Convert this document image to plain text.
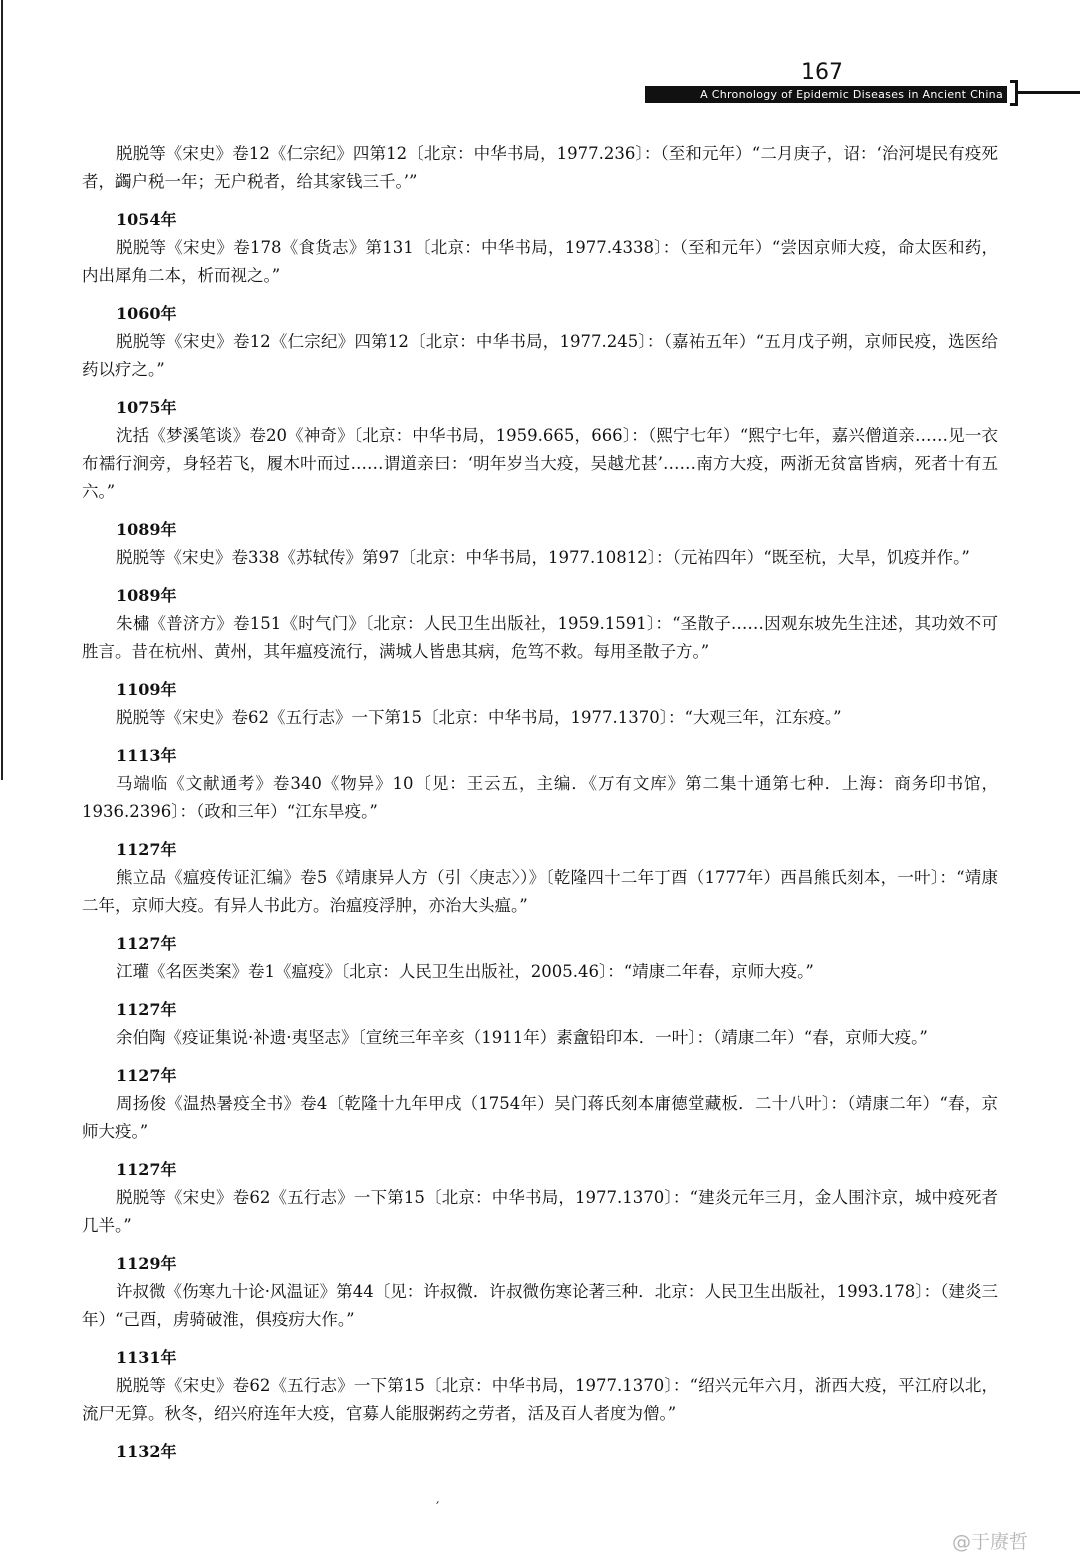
167
A Chronology of Epidemic Diseases in Ancient China

脱脱等《宋史》卷12《仁宗纪》四第12〔北京：中华书局，1977.236〕：（至和元年）“二月庚子，诏：‘治河堤民有疫死者，蠲户税一年；无户税者，给其家钱三千。’”

1054年

脱脱等《宋史》卷178《食货志》第131〔北京：中华书局，1977.4338〕：（至和元年）“尝因京师大疫，命太医和药，内出犀角二本，析而视之。”

1060年

脱脱等《宋史》卷12《仁宗纪》四第12〔北京：中华书局，1977.245〕：（嘉祐五年）“五月戊子朔，京师民疫，选医给药以疗之。”

1075年

沈括《梦溪笔谈》卷20《神奇》〔北京：中华书局，1959.665，666〕：（熙宁七年）“熙宁七年，嘉兴僧道亲……见一衣布襦行涧旁，身轻若飞，履木叶而过……谓道亲曰：‘明年岁当大疫，吴越尤甚’……南方大疫，两浙无贫富皆病，死者十有五六。”

1089年

脱脱等《宋史》卷338《苏轼传》第97〔北京：中华书局，1977.10812〕：（元祐四年）“既至杭，大旱，饥疫并作。”

1089年

朱橚《普济方》卷151《时气门》〔北京：人民卫生出版社，1959.1591〕：“圣散子……因观东坡先生注述，其功效不可胜言。昔在杭州、黄州，其年瘟疫流行，满城人皆患其病，危笃不救。每用圣散子方。”

1109年

脱脱等《宋史》卷62《五行志》一下第15〔北京：中华书局，1977.1370〕：“大观三年，江东疫。”

1113年

马端临《文献通考》卷340《物异》10〔见：王云五，主编．《万有文库》第二集十通第七种．上海：商务印书馆，1936.2396〕：（政和三年）“江东旱疫。”

1127年

熊立品《瘟疫传证汇编》卷5《靖康异人方（引〈庚志〉）》〔乾隆四十二年丁酉（1777年）西昌熊氏刻本，一叶〕：“靖康二年，京师大疫。有异人书此方。治瘟疫浮肿，亦治大头瘟。”

1127年

江瓘《名医类案》卷1《瘟疫》〔北京：人民卫生出版社，2005.46〕：“靖康二年春，京师大疫。”

1127年

余伯陶《疫证集说·补遗·夷坚志》〔宣统三年辛亥（1911年）素盦铅印本．一叶〕：（靖康二年）“春，京师大疫。”

1127年

周扬俊《温热暑疫全书》卷4〔乾隆十九年甲戌（1754年）吴门蒋氏刻本庸德堂藏板．二十八叶〕：（靖康二年）“春，京师大疫。”

1127年

脱脱等《宋史》卷62《五行志》一下第15〔北京：中华书局，1977.1370〕：“建炎元年三月，金人围汴京，城中疫死者几半。”

1129年

许叔微《伤寒九十论·风温证》第44〔见：许叔微．许叔微伤寒论著三种．北京：人民卫生出版社，1993.178〕：（建炎三年）“己酉，虏骑破淮，俱疫疠大作。”

1131年

脱脱等《宋史》卷62《五行志》一下第15〔北京：中华书局，1977.1370〕：“绍兴元年六月，浙西大疫，平江府以北，流尸无算。秋冬，绍兴府连年大疫，官募人能服粥药之劳者，活及百人者度为僧。”

1132年
′
@于赓哲
